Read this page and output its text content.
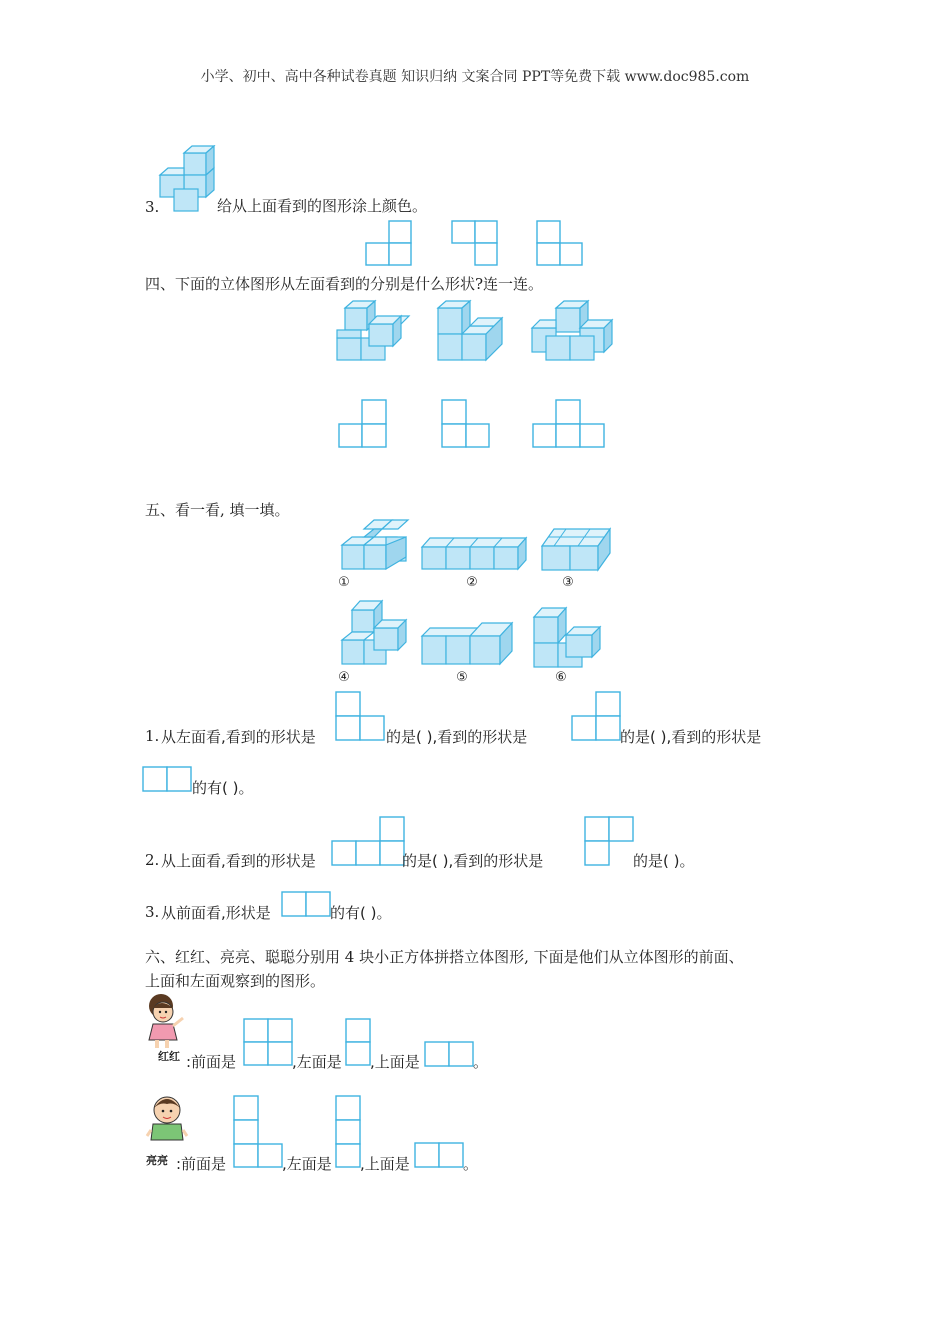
小学、初中、高中各种试卷真题 知识归纳 文案合同 PPT等免费下载 www.doc985.com
3.	给从上面看到的图形涂上颜色。
四、下面的立体图形从左面看到的分别是什么形状?连一连。
五、看一看, 填一填。
①	②	③
④	⑤	⑥
1. 从左面看,看到的形状是	的是( ),看到的形状是	的是( ),看到的形状是
的有( )。
2. 从上面看,看到的形状是	的是( ),看到的形状是	的是( )。
3. 从前面看,形状是	的有( )。
六、红红、亮亮、聪聪分别用 4 块小正方体拼搭立体图形, 下面是他们从立体图形的前面、
上面和左面观察到的图形。
红红 :前面是	,左面是 ,上面是	。
亮亮 :前面是	,左面是 ,上面是	。
